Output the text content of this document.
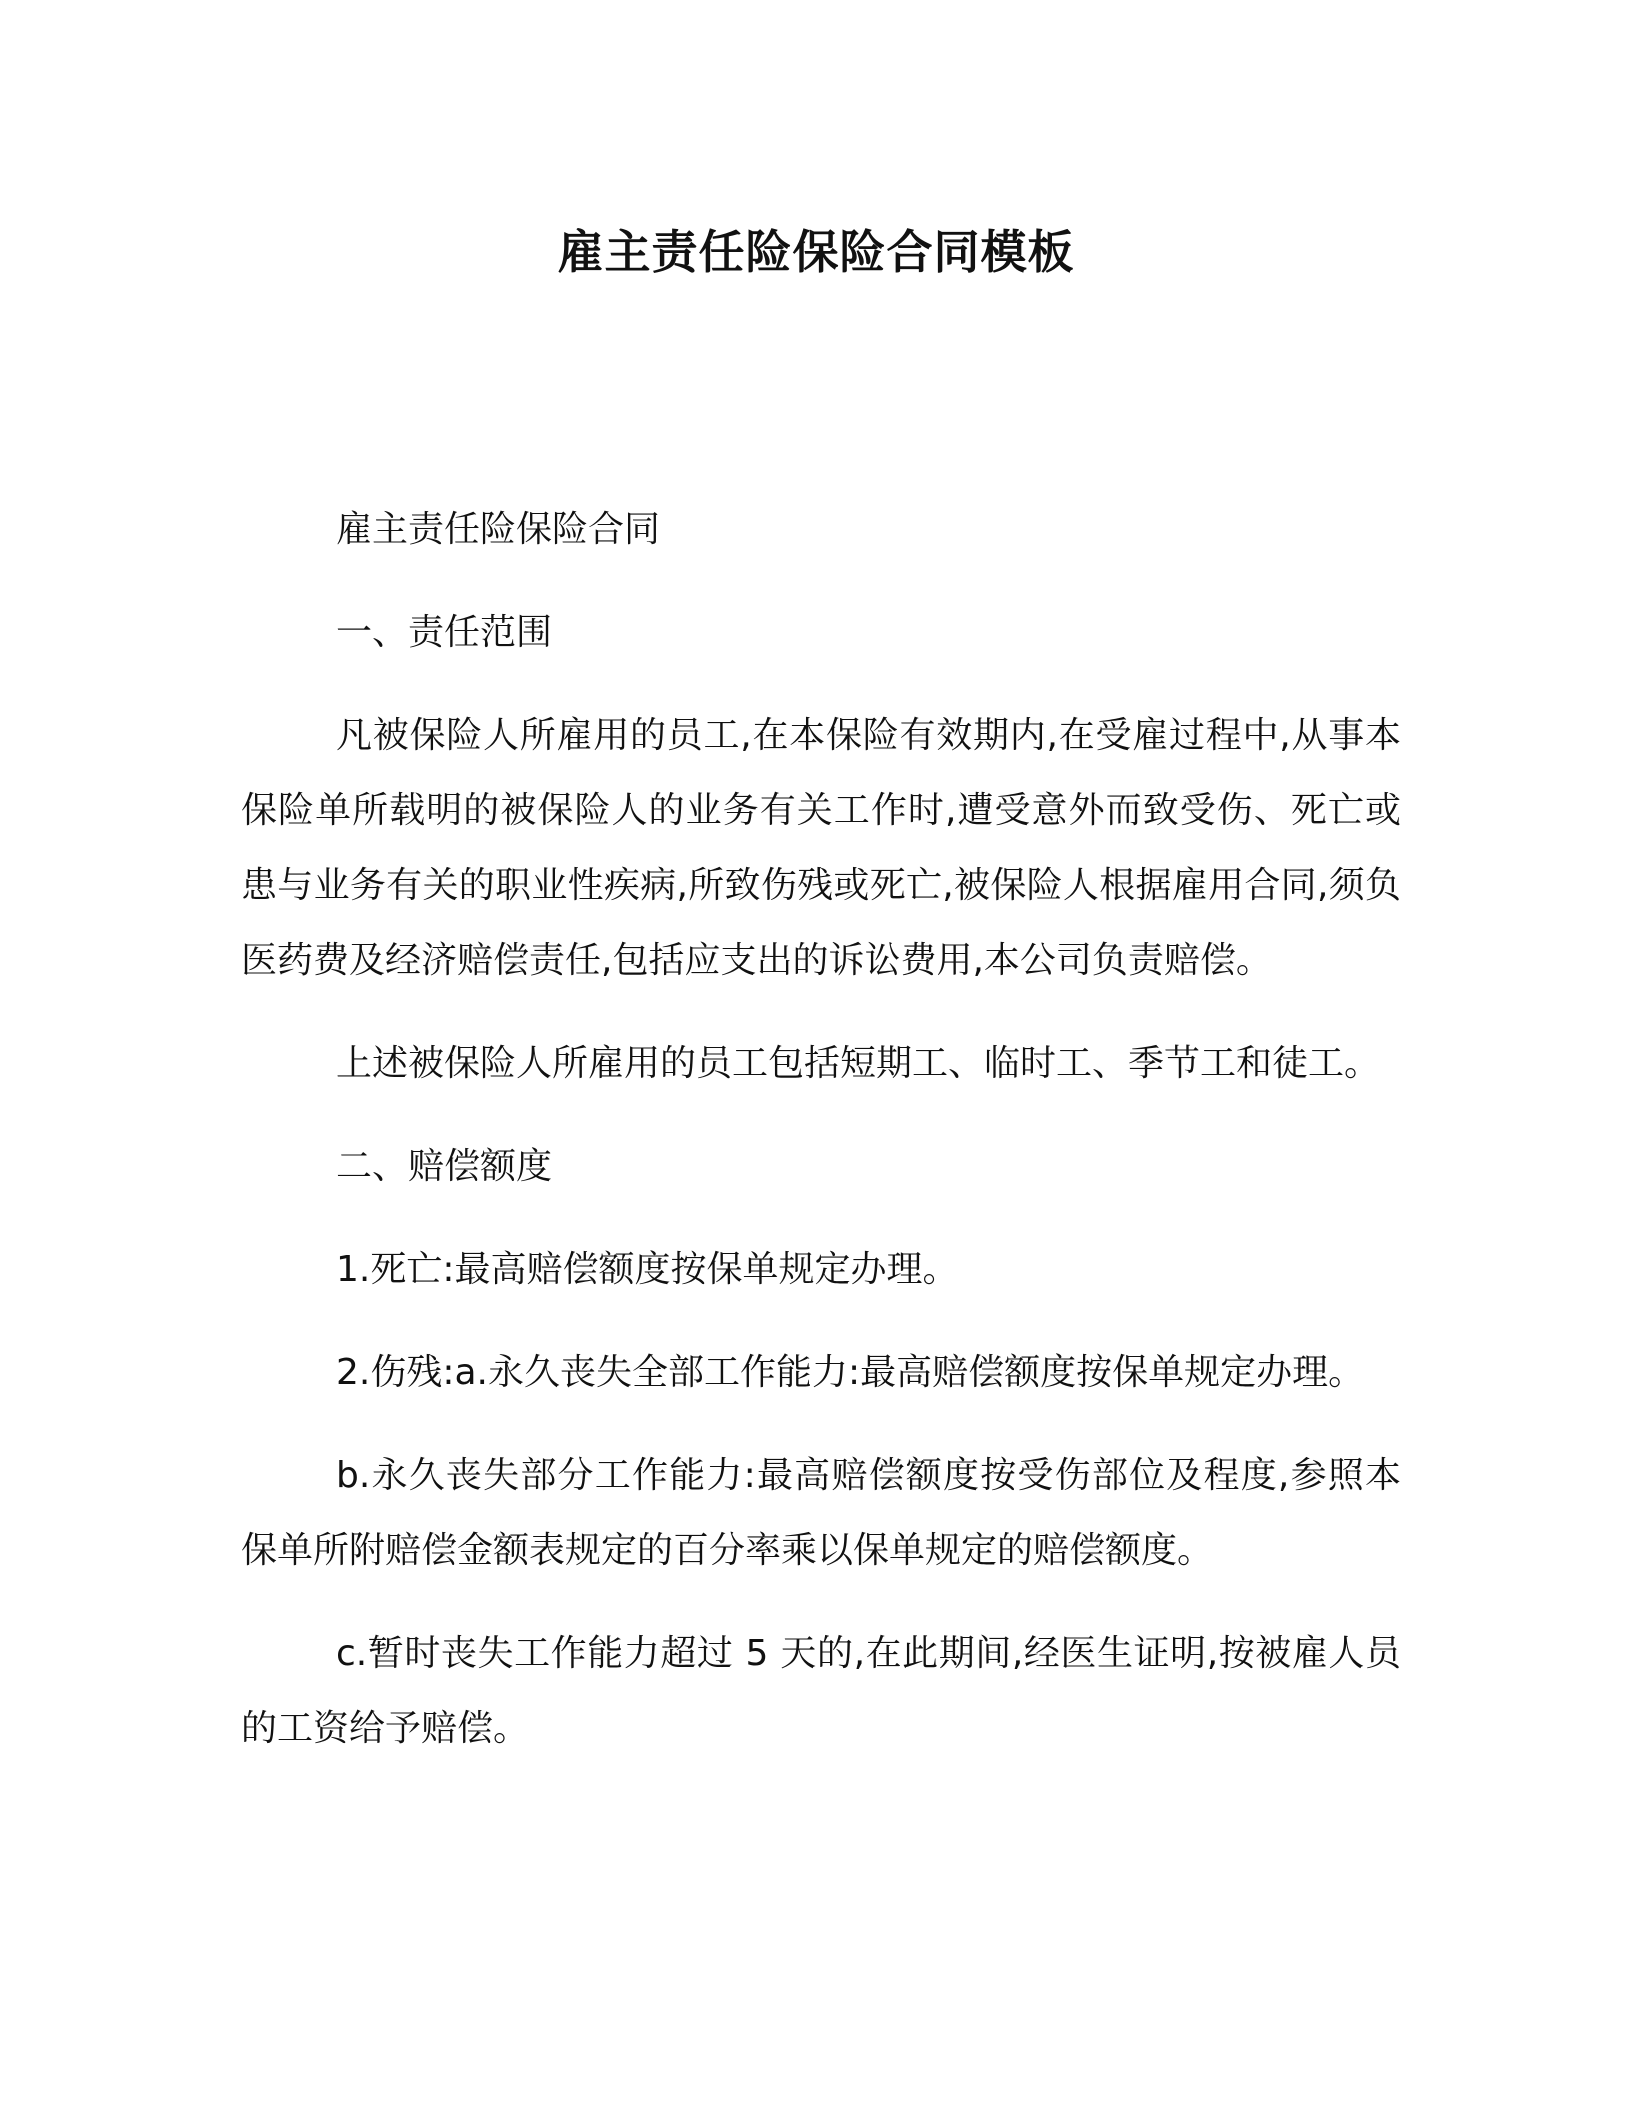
雇主责任险保险合同模板

雇主责任险保险合同

一、责任范围

凡被保险人所雇用的员工,在本保险有效期内,在受雇过程中,从事本保险单所载明的被保险人的业务有关工作时,遭受意外而致受伤、死亡或患与业务有关的职业性疾病,所致伤残或死亡,被保险人根据雇用合同,须负医药费及经济赔偿责任,包括应支出的诉讼费用,本公司负责赔偿。

上述被保险人所雇用的员工包括短期工、临时工、季节工和徒工。

二、赔偿额度

1.死亡:最高赔偿额度按保单规定办理。

2.伤残:a.永久丧失全部工作能力:最高赔偿额度按保单规定办理。

b.永久丧失部分工作能力:最高赔偿额度按受伤部位及程度,参照本保单所附赔偿金额表规定的百分率乘以保单规定的赔偿额度。

c.暂时丧失工作能力超过 5 天的,在此期间,经医生证明,按被雇人员的工资给予赔偿。
